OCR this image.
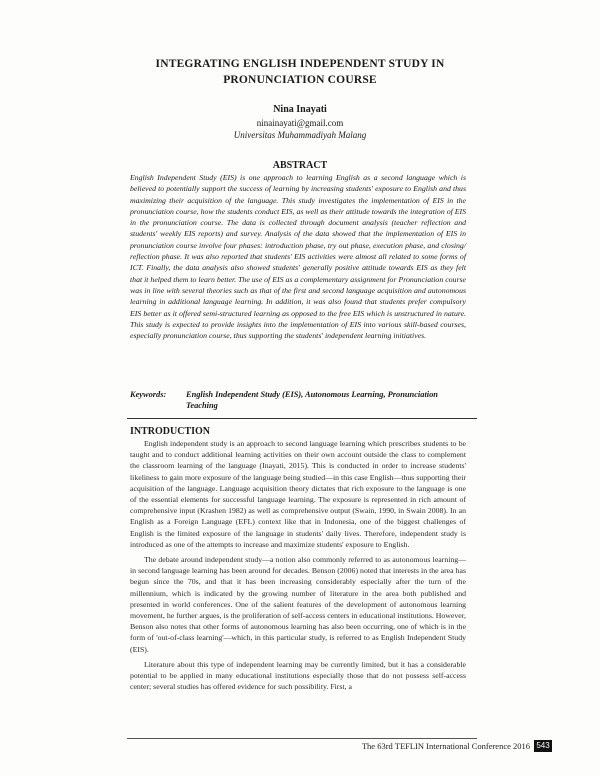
INTEGRATING ENGLISH INDEPENDENT STUDY IN PRONUNCIATION COURSE
Nina Inayati
ninainayati@gmail.com
Universitas Muhammadiyah Malang
ABSTRACT
English Independent Study (EIS) is one approach to learning English as a second language which is believed to potentially support the success of learning by increasing students' exposure to English and thus maximizing their acquisition of the language. This study investigates the implementation of EIS in the pronunciation course, how the students conduct EIS, as well as their attitude towards the integration of EIS in the pronunciation course. The data is collected through document analysis (teacher reflection and students' weekly EIS reports) and survey. Analysis of the data showed that the implementation of EIS in pronunciation course involve four phases: introduction phase, try out phase, execution phase, and closing/ reflection phase. It was also reported that students' EIS activities were almost all related to some forms of ICT. Finally, the data analysis also showed students' generally positive attitude towards EIS as they felt that it helped them to learn better. The use of EIS as a complementary assignment for Pronunciation course was in line with several theories such as that of the first and second language acquisition and autonomous learning in additional language learning. In addition, it was also found that students prefer compulsory EIS better as it offered semi-structured learning as opposed to the free EIS which is unstructured in nature. This study is expected to provide insights into the implementation of EIS into various skill-based courses, especially pronunciation course, thus supporting the students' independent learning initiatives.
Keywords:	English Independent Study (EIS), Autonomous Learning, Pronunciation Teaching
INTRODUCTION

English independent study is an approach to second language learning which prescribes students to be taught and to conduct additional learning activities on their own account outside the class to complement the classroom learning of the language (Inayati, 2015). This is conducted in order to increase students' likeliness to gain more exposure of the language being studied—in this case English—thus supporting their acquisition of the language. Language acquisition theory dictates that rich exposure to the language is one of the essential elements for successful language learning. The exposure is represented in rich amount of comprehensive input (Krashen 1982) as well as comprehensive output (Swain, 1990, in Swain 2008). In an English as a Foreign Language (EFL) context like that in Indonesia, one of the biggest challenges of English is the limited exposure of the language in students' daily lives. Therefore, independent study is introduced as one of the attempts to increase and maximize students' exposure to English.

The debate around independent study—a notion also commonly referred to as autonomous learning—in second language learning has been around for decades. Benson (2006) noted that interests in the area has begun since the 70s, and that it has been increasing considerably especially after the turn of the millennium, which is indicated by the growing number of literature in the area both published and presented in world conferences. One of the salient features of the development of autonomous learning movement, he further argues, is the proliferation of self-access centers in educational institutions. However, Benson also notes that other forms of autonomous learning has also been occurring, one of which is in the form of 'out-of-class learning'—which, in this particular study, is referred to as English Independent Study (EIS).

Literature about this type of independent learning may be currently limited, but it has a considerable potential to be applied in many educational institutions especially those that do not possess self-access center; several studies has offered evidence for such possibility. First, a

The 63rd TEFLIN International Conference 2016 543
